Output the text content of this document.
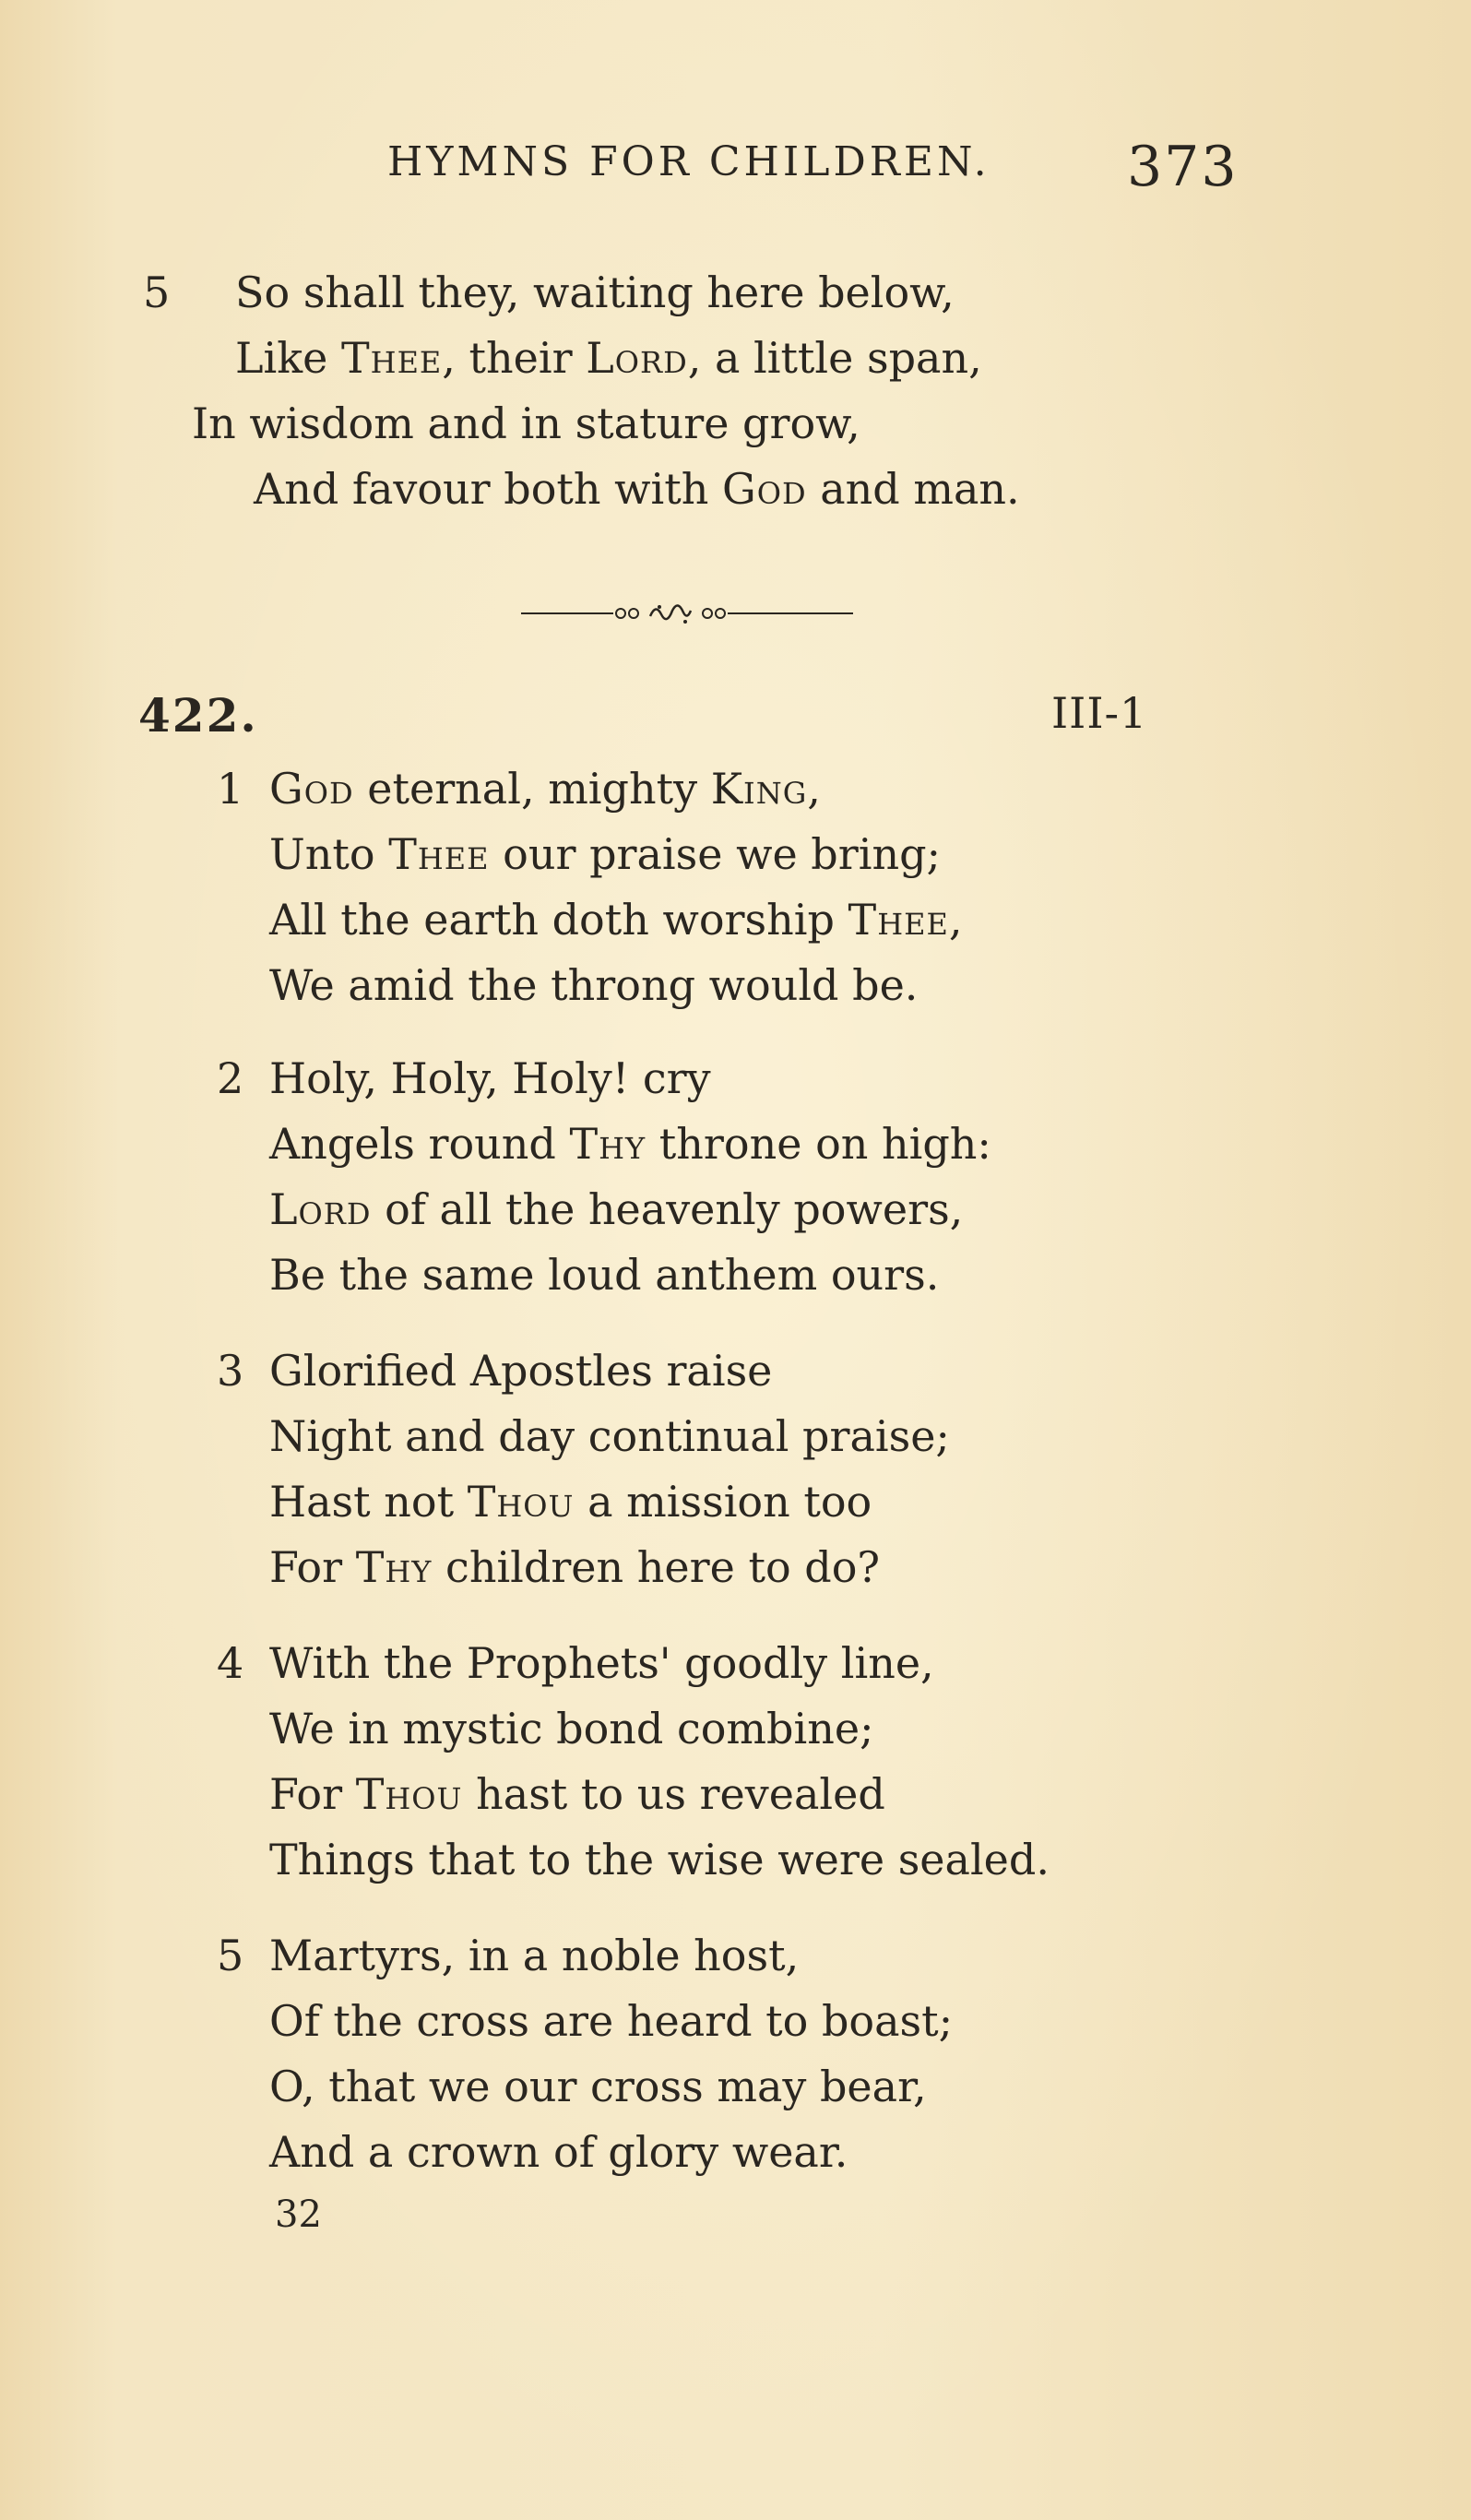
HYMNS FOR CHILDREN. 373
5 So shall they, waiting here below,
Like Thee, their Lord, a little span,
In wisdom and in stature grow,
And favour both with God and man.
422.	III-1
1 God eternal, mighty King,
Unto Thee our praise we bring;
All the earth doth worship Thee,
We amid the throng would be.
2 Holy, Holy, Holy! cry
Angels round Thy throne on high:
Lord of all the heavenly powers,
Be the same loud anthem ours.
3 Glorified Apostles raise
Night and day continual praise;
Hast not Thou a mission too
For Thy children here to do?
4 With the Prophets' goodly line,
We in mystic bond combine;
For Thou hast to us revealed
Things that to the wise were sealed.
5 Martyrs, in a noble host,
Of the cross are heard to boast;
O, that we our cross may bear,
And a crown of glory wear.
32
